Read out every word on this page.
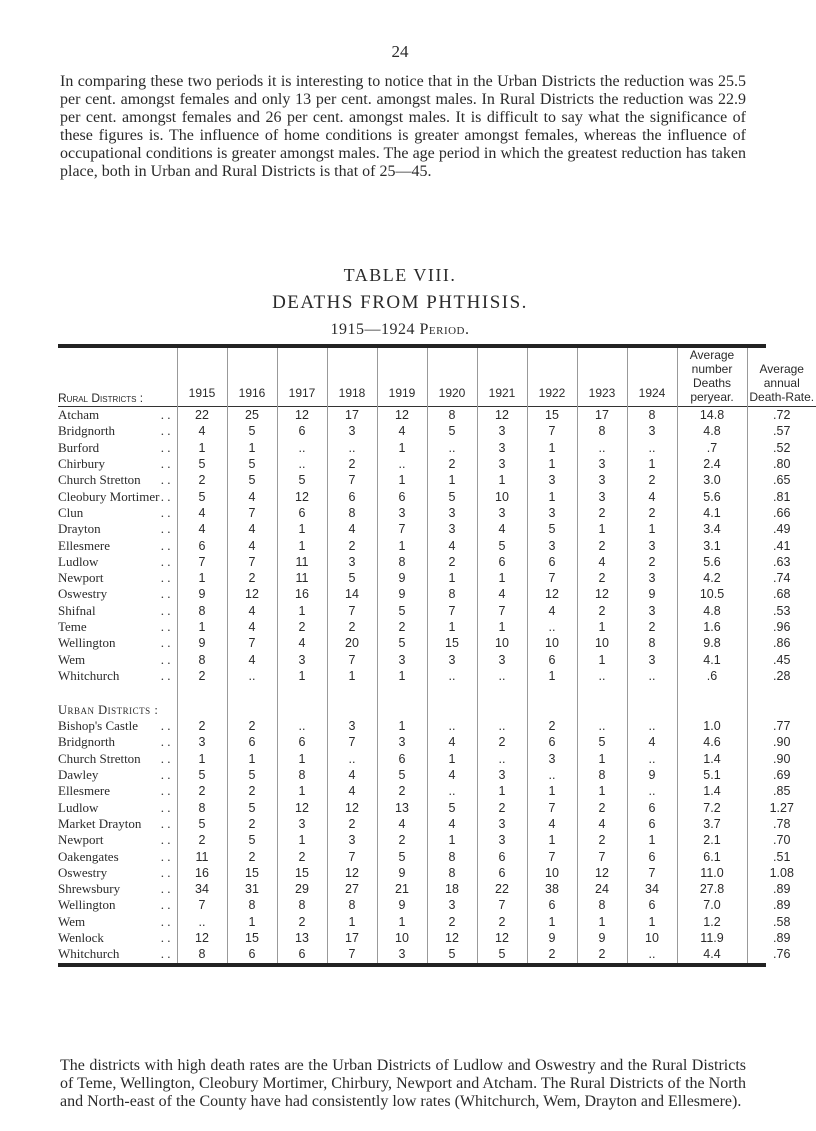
24

In comparing these two periods it is interesting to notice that in the Urban Districts the reduction was 25.5 per cent. amongst females and only 13 per cent. amongst males. In Rural Districts the reduction was 22.9 per cent. amongst females and 26 per cent. amongst males. It is difficult to say what the significance of these figures is. The influence of home conditions is greater amongst females, whereas the influence of occupational conditions is greater amongst males. The age period in which the greatest reduction has taken place, both in Urban and Rural Districts is that of 25—45.

TABLE VIII.
DEATHS FROM PHTHISIS.
1915—1924 Period.
Rural Districts :	1915	1916	1917	1918	1919	1920	1921	1922	1923	1924	Average number Deaths peryear.	Average annual Death-Rate.
Atcham . .	22	25	12	17	12	8	12	15	17	8	14.8	.72
Bridgnorth . .	4	5	6	3	4	5	3	7	8	3	4.8	.57
Burford . .	1	1	..	..	1	..	3	1	..	..	.7	.52
Chirbury . .	5	5	..	2	..	2	3	1	3	1	2.4	.80
Church Stretton . .	2	5	5	7	1	1	1	3	3	2	3.0	.65
Cleobury Mortimer . .	5	4	12	6	6	5	10	1	3	4	5.6	.81
Clun . .	4	7	6	8	3	3	3	3	2	2	4.1	.66
Drayton . .	4	4	1	4	7	3	4	5	1	1	3.4	.49
Ellesmere . .	6	4	1	2	1	4	5	3	2	3	3.1	.41
Ludlow . .	7	7	11	3	8	2	6	6	4	2	5.6	.63
Newport . .	1	2	11	5	9	1	1	7	2	3	4.2	.74
Oswestry . .	9	12	16	14	9	8	4	12	12	9	10.5	.68
Shifnal . .	8	4	1	7	5	7	7	4	2	3	4.8	.53
Teme . .	1	4	2	2	2	1	1	..	1	2	1.6	.96
Wellington . .	9	7	4	20	5	15	10	10	10	8	9.8	.86
Wem . .	8	4	3	7	3	3	3	6	1	3	4.1	.45
Whitchurch . .	2	..	1	1	1	..	..	1	..	..	.6	.28

Urban Districts :												
Bishop's Castle . .	2	2	..	3	1	..	..	2	..	..	1.0	.77
Bridgnorth . .	3	6	6	7	3	4	2	6	5	4	4.6	.90
Church Stretton . .	1	1	1	..	6	1	..	3	1	..	1.4	.90
Dawley . .	5	5	8	4	5	4	3	..	8	9	5.1	.69
Ellesmere . .	2	2	1	4	2	..	1	1	1	..	1.4	.85
Ludlow . .	8	5	12	12	13	5	2	7	2	6	7.2	1.27
Market Drayton . .	5	2	3	2	4	4	3	4	4	6	3.7	.78
Newport . .	2	5	1	3	2	1	3	1	2	1	2.1	.70
Oakengates . .	11	2	2	7	5	8	6	7	7	6	6.1	.51
Oswestry . .	16	15	15	12	9	8	6	10	12	7	11.0	1.08
Shrewsbury . .	34	31	29	27	21	18	22	38	24	34	27.8	.89
Wellington . .	7	8	8	8	9	3	7	6	8	6	7.0	.89
Wem . .	..	1	2	1	1	2	2	1	1	1	1.2	.58
Wenlock . .	12	15	13	17	10	12	12	9	9	10	11.9	.89
Whitchurch . .	8	6	6	7	3	5	5	2	2	..	4.4	.76

The districts with high death rates are the Urban Districts of Ludlow and Oswestry and the Rural Districts of Teme, Wellington, Cleobury Mortimer, Chirbury, Newport and Atcham. The Rural Districts of the North and North-east of the County have had consistently low rates (Whitchurch, Wem, Drayton and Ellesmere).
